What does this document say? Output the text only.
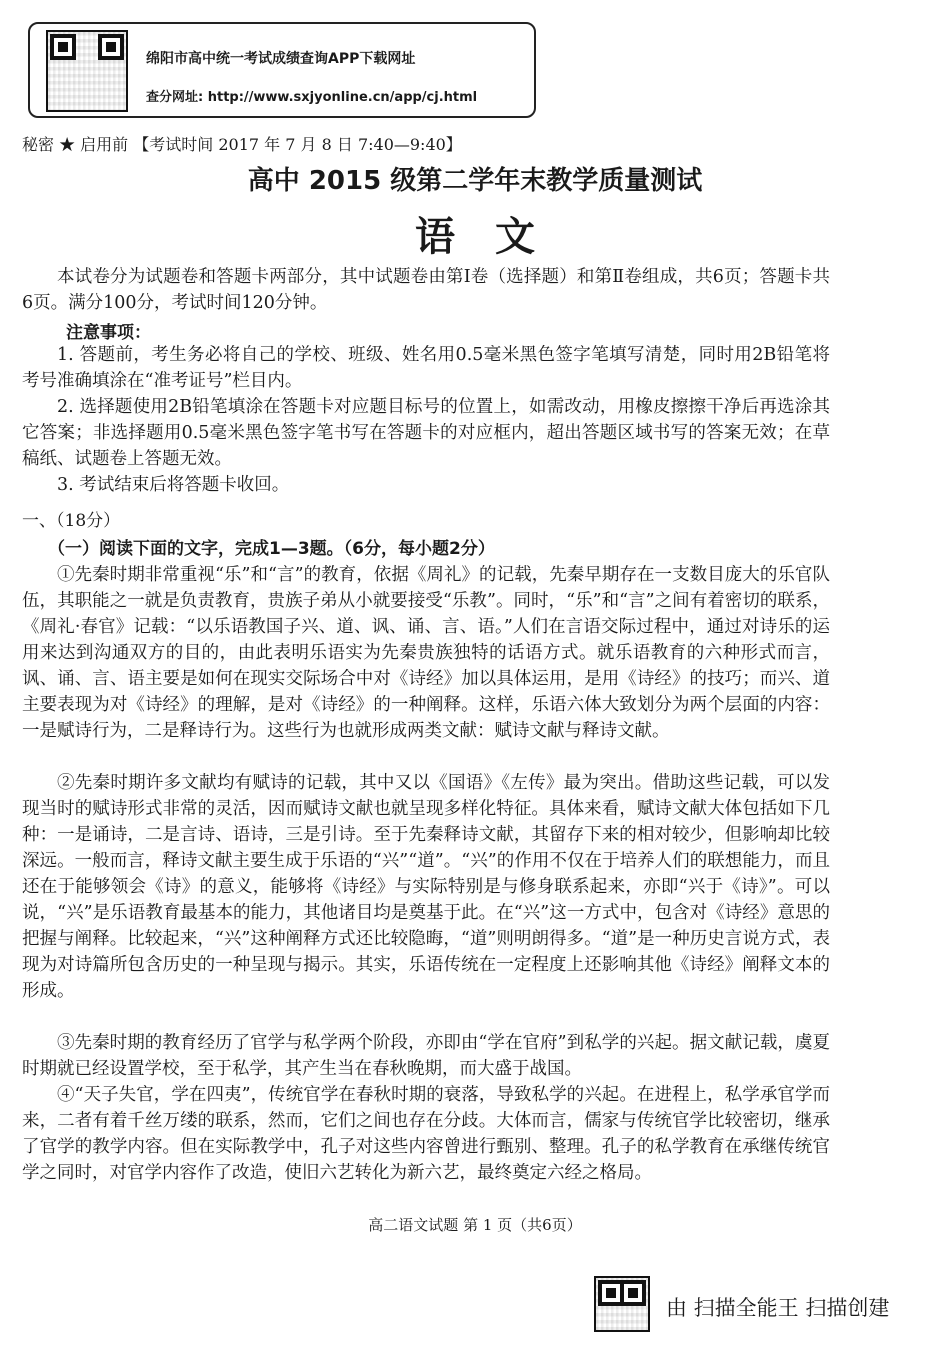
绵阳市高中统一考试成绩查询APP下载网址
查分网址: http://www.sxjyonline.cn/app/cj.html
秘密 ★ 启用前 【考试时间 2017 年 7 月 8 日 7:40—9:40】
高中 2015 级第二学年末教学质量测试
语文

本试卷分为试题卷和答题卡两部分，其中试题卷由第Ⅰ卷（选择题）和第Ⅱ卷组成，共6页；答题卡共6页。满分100分，考试时间120分钟。

注意事项：

1. 答题前，考生务必将自己的学校、班级、姓名用0.5毫米黑色签字笔填写清楚，同时用2B铅笔将考号准确填涂在“准考证号”栏目内。

2. 选择题使用2B铅笔填涂在答题卡对应题目标号的位置上，如需改动，用橡皮擦擦干净后再选涂其它答案；非选择题用0.5毫米黑色签字笔书写在答题卡的对应框内，超出答题区域书写的答案无效；在草稿纸、试题卷上答题无效。

3. 考试结束后将答题卡收回。

一、（18分）
（一）阅读下面的文字，完成1—3题。（6分，每小题2分）

①先秦时期非常重视“乐”和“言”的教育，依据《周礼》的记载，先秦早期存在一支数目庞大的乐官队伍，其职能之一就是负责教育，贵族子弟从小就要接受“乐教”。同时，“乐”和“言”之间有着密切的联系，《周礼·春官》记载：“以乐语教国子兴、道、讽、诵、言、语。”人们在言语交际过程中，通过对诗乐的运用来达到沟通双方的目的，由此表明乐语实为先秦贵族独特的话语方式。就乐语教育的六种形式而言，讽、诵、言、语主要是如何在现实交际场合中对《诗经》加以具体运用，是用《诗经》的技巧；而兴、道主要表现为对《诗经》的理解，是对《诗经》的一种阐释。这样，乐语六体大致划分为两个层面的内容：一是赋诗行为，二是释诗行为。这些行为也就形成两类文献：赋诗文献与释诗文献。

②先秦时期许多文献均有赋诗的记载，其中又以《国语》《左传》最为突出。借助这些记载，可以发现当时的赋诗形式非常的灵活，因而赋诗文献也就呈现多样化特征。具体来看，赋诗文献大体包括如下几种：一是诵诗，二是言诗、语诗，三是引诗。至于先秦释诗文献，其留存下来的相对较少，但影响却比较深远。一般而言，释诗文献主要生成于乐语的“兴”“道”。“兴”的作用不仅在于培养人们的联想能力，而且还在于能够领会《诗》的意义，能够将《诗经》与实际特别是与修身联系起来，亦即“兴于《诗》”。可以说，“兴”是乐语教育最基本的能力，其他诸目均是奠基于此。在“兴”这一方式中，包含对《诗经》意思的把握与阐释。比较起来，“兴”这种阐释方式还比较隐晦，“道”则明朗得多。“道”是一种历史言说方式，表现为对诗篇所包含历史的一种呈现与揭示。其实，乐语传统在一定程度上还影响其他《诗经》阐释文本的形成。

③先秦时期的教育经历了官学与私学两个阶段，亦即由“学在官府”到私学的兴起。据文献记载，虞夏时期就已经设置学校，至于私学，其产生当在春秋晚期，而大盛于战国。

④“天子失官，学在四夷”，传统官学在春秋时期的衰落，导致私学的兴起。在进程上，私学承官学而来，二者有着千丝万缕的联系，然而，它们之间也存在分歧。大体而言，儒家与传统官学比较密切，继承了官学的教学内容。但在实际教学中，孔子对这些内容曾进行甄别、整理。孔子的私学教育在承继传统官学之同时，对官学内容作了改造，使旧六艺转化为新六艺，最终奠定六经之格局。

高二语文试题 第 1 页（共6页）
由 扫描全能王 扫描创建
